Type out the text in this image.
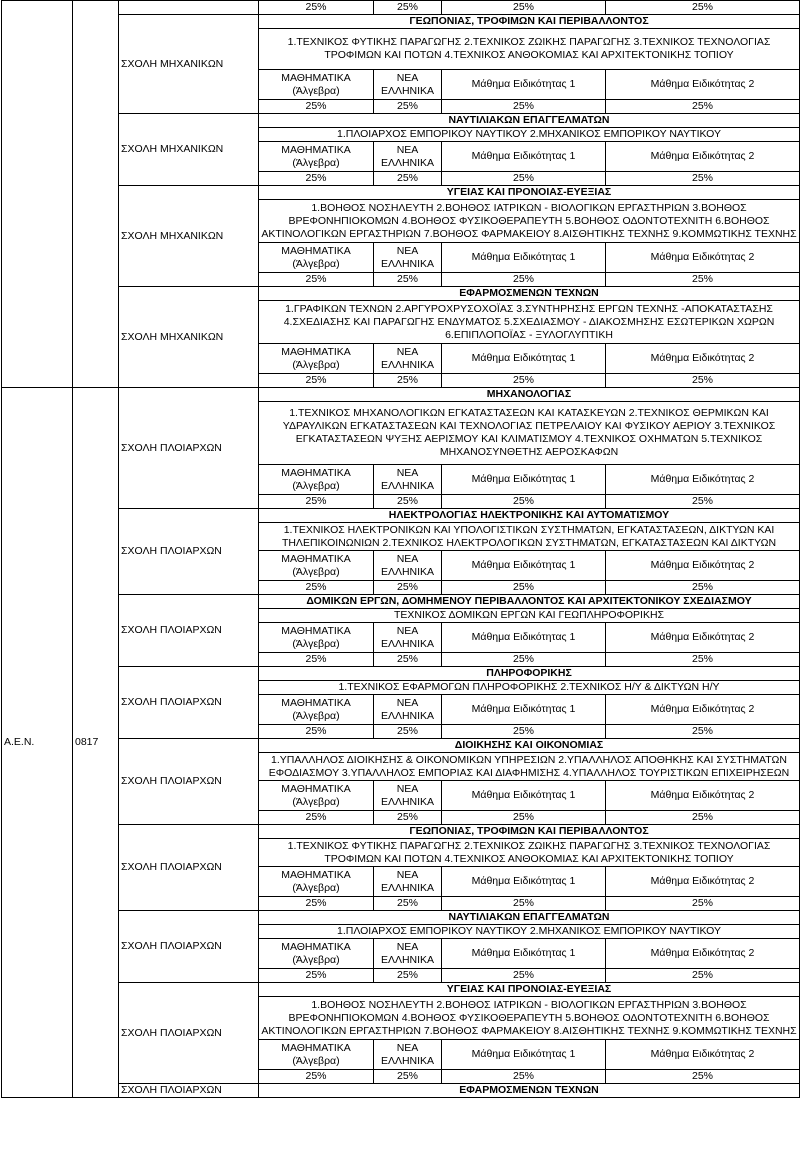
			25%	25%	25%	25%
		ΣΧΟΛΗ ΜΗΧΑΝΙΚΩΝ	ΓΕΩΠΟΝΙΑΣ, ΤΡΟΦΙΜΩΝ ΚΑΙ ΠΕΡΙΒΑΛΛΟΝΤΟΣ			
			1.ΤΕΧΝΙΚΟΣ ΦΥΤΙΚΗΣ ΠΑΡΑΓΩΓΗΣ 2.ΤΕΧΝΙΚΟΣ ΖΩΙΚΗΣ ΠΑΡΑΓΩΓΗΣ 3.ΤΕΧΝΙΚΟΣ ΤΕΧΝΟΛΟΓΙΑΣ ΤΡΟΦΙΜΩΝ ΚΑΙ ΠΟΤΩΝ 4.ΤΕΧΝΙΚΟΣ ΑΝΘΟΚΟΜΙΑΣ ΚΑΙ ΑΡΧΙΤΕΚΤΟΝΙΚΗΣ ΤΟΠΙΟΥ			
			ΜΑΘΗΜΑΤΙΚΑ (Άλγεβρα)	ΝΕΑ ΕΛΛΗΝΙΚΑ	Μάθημα Ειδικότητας 1	Μάθημα Ειδικότητας 2
			25%	25%	25%	25%
		ΣΧΟΛΗ ΜΗΧΑΝΙΚΩΝ	ΝΑΥΤΙΛΙΑΚΩΝ ΕΠΑΓΓΕΛΜΑΤΩΝ			
			1.ΠΛΟΙΑΡΧΟΣ ΕΜΠΟΡΙΚΟΥ ΝΑΥΤΙΚΟΥ 2.ΜΗΧΑΝΙΚΟΣ ΕΜΠΟΡΙΚΟΥ ΝΑΥΤΙΚΟΥ			
			ΜΑΘΗΜΑΤΙΚΑ (Άλγεβρα)	ΝΕΑ ΕΛΛΗΝΙΚΑ	Μάθημα Ειδικότητας 1	Μάθημα Ειδικότητας 2
			25%	25%	25%	25%
		ΣΧΟΛΗ ΜΗΧΑΝΙΚΩΝ	ΥΓΕΙΑΣ ΚΑΙ ΠΡΟΝΟΙΑΣ-ΕΥΕΞΙΑΣ			
			1.ΒΟΗΘΟΣ ΝΟΣΗΛΕΥΤΗ 2.ΒΟΗΘΟΣ ΙΑΤΡΙΚΩΝ - ΒΙΟΛΟΓΙΚΩΝ ΕΡΓΑΣΤΗΡΙΩΝ 3.ΒΟΗΘΟΣ ΒΡΕΦΟΝΗΠΙΟΚΟΜΩΝ 4.ΒΟΗΘΟΣ ΦΥΣΙΚΟΘΕΡΑΠΕΥΤΗ 5.ΒΟΗΘΟΣ ΟΔΟΝΤΟΤΕΧΝΙΤΗ 6.ΒΟΗΘΟΣ ΑΚΤΙΝΟΛΟΓΙΚΩΝ ΕΡΓΑΣΤΗΡΙΩΝ 7.ΒΟΗΘΟΣ ΦΑΡΜΑΚΕΙΟΥ 8.ΑΙΣΘΗΤΙΚΗΣ ΤΕΧΝΗΣ 9.ΚΟΜΜΩΤΙΚΗΣ ΤΕΧΝΗΣ			
			ΜΑΘΗΜΑΤΙΚΑ (Άλγεβρα)	ΝΕΑ ΕΛΛΗΝΙΚΑ	Μάθημα Ειδικότητας 1	Μάθημα Ειδικότητας 2
			25%	25%	25%	25%
		ΣΧΟΛΗ ΜΗΧΑΝΙΚΩΝ	ΕΦΑΡΜΟΣΜΕΝΩΝ ΤΕΧΝΩΝ			
			1.ΓΡΑΦΙΚΩΝ ΤΕΧΝΩΝ 2.ΑΡΓΥΡΟΧΡΥΣΟΧΟΪΑΣ 3.ΣΥΝΤΗΡΗΣΗΣ ΕΡΓΩΝ ΤΕΧΝΗΣ -ΑΠΟΚΑΤΑΣΤΑΣΗΣ 4.ΣΧΕΔΙΑΣΗΣ ΚΑΙ ΠΑΡΑΓΩΓΗΣ ΕΝΔΥΜΑΤΟΣ 5.ΣΧΕΔΙΑΣΜΟΥ - ΔΙΑΚΟΣΜΗΣΗΣ ΕΣΩΤΕΡΙΚΩΝ ΧΩΡΩΝ 6.ΕΠΙΠΛΟΠΟΪΑΣ - ΞΥΛΟΓΛΥΠΤΙΚΗ			
			ΜΑΘΗΜΑΤΙΚΑ (Άλγεβρα)	ΝΕΑ ΕΛΛΗΝΙΚΑ	Μάθημα Ειδικότητας 1	Μάθημα Ειδικότητας 2
			25%	25%	25%	25%
Α.Ε.Ν.	0817	ΣΧΟΛΗ ΠΛΟΙΑΡΧΩΝ	ΜΗΧΑΝΟΛΟΓΙΑΣ			
			1.ΤΕΧΝΙΚΟΣ ΜΗΧΑΝΟΛΟΓΙΚΩΝ ΕΓΚΑΤΑΣΤΑΣΕΩΝ ΚΑΙ ΚΑΤΑΣΚΕΥΩΝ 2.ΤΕΧΝΙΚΟΣ ΘΕΡΜΙΚΩΝ ΚΑΙ ΥΔΡΑΥΛΙΚΩΝ ΕΓΚΑΤΑΣΤΑΣΕΩΝ ΚΑΙ ΤΕΧΝΟΛΟΓΙΑΣ ΠΕΤΡΕΛΑΙΟΥ ΚΑΙ ΦΥΣΙΚΟΥ ΑΕΡΙΟΥ 3.ΤΕΧΝΙΚΟΣ ΕΓΚΑΤΑΣΤΑΣΕΩΝ ΨΥΞΗΣ ΑΕΡΙΣΜΟΥ ΚΑΙ ΚΛΙΜΑΤΙΣΜΟΥ 4.ΤΕΧΝΙΚΟΣ ΟΧΗΜΑΤΩΝ 5.ΤΕΧΝΙΚΟΣ ΜΗΧΑΝΟΣΥΝΘΕΤΗΣ ΑΕΡΟΣΚΑΦΩΝ			
			ΜΑΘΗΜΑΤΙΚΑ (Άλγεβρα)	ΝΕΑ ΕΛΛΗΝΙΚΑ	Μάθημα Ειδικότητας 1	Μάθημα Ειδικότητας 2
			25%	25%	25%	25%
		ΣΧΟΛΗ ΠΛΟΙΑΡΧΩΝ	ΗΛΕΚΤΡΟΛΟΓΙΑΣ ΗΛΕΚΤΡΟΝΙΚΗΣ ΚΑΙ ΑΥΤΟΜΑΤΙΣΜΟΥ			
			1.ΤΕΧΝΙΚΟΣ ΗΛΕΚΤΡΟΝΙΚΩΝ ΚΑΙ ΥΠΟΛΟΓΙΣΤΙΚΩΝ ΣΥΣΤΗΜΑΤΩΝ, ΕΓΚΑΤΑΣΤΑΣΕΩΝ, ΔΙΚΤΥΩΝ ΚΑΙ ΤΗΛΕΠΙΚΟΙΝΩΝΙΩΝ 2.ΤΕΧΝΙΚΟΣ ΗΛΕΚΤΡΟΛΟΓΙΚΩΝ ΣΥΣΤΗΜΑΤΩΝ, ΕΓΚΑΤΑΣΤΑΣΕΩΝ ΚΑΙ ΔΙΚΤΥΩΝ			
			ΜΑΘΗΜΑΤΙΚΑ (Άλγεβρα)	ΝΕΑ ΕΛΛΗΝΙΚΑ	Μάθημα Ειδικότητας 1	Μάθημα Ειδικότητας 2
			25%	25%	25%	25%
		ΣΧΟΛΗ ΠΛΟΙΑΡΧΩΝ	ΔΟΜΙΚΩΝ ΕΡΓΩΝ, ΔΟΜΗΜΕΝΟΥ ΠΕΡΙΒΑΛΛΟΝΤΟΣ ΚΑΙ ΑΡΧΙΤΕΚΤΟΝΙΚΟΥ ΣΧΕΔΙΑΣΜΟΥ			
			ΤΕΧΝΙΚΟΣ ΔΟΜΙΚΩΝ ΕΡΓΩΝ ΚΑΙ ΓΕΩΠΛΗΡΟΦΟΡΙΚΗΣ			
			ΜΑΘΗΜΑΤΙΚΑ (Άλγεβρα)	ΝΕΑ ΕΛΛΗΝΙΚΑ	Μάθημα Ειδικότητας 1	Μάθημα Ειδικότητας 2
			25%	25%	25%	25%
		ΣΧΟΛΗ ΠΛΟΙΑΡΧΩΝ	ΠΛΗΡΟΦΟΡΙΚΗΣ			
			1.ΤΕΧΝΙΚΟΣ ΕΦΑΡΜΟΓΩΝ ΠΛΗΡΟΦΟΡΙΚΗΣ 2.ΤΕΧΝΙΚΟΣ Η/Υ & ΔΙΚΤΥΩΝ Η/Υ			
			ΜΑΘΗΜΑΤΙΚΑ (Άλγεβρα)	ΝΕΑ ΕΛΛΗΝΙΚΑ	Μάθημα Ειδικότητας 1	Μάθημα Ειδικότητας 2
			25%	25%	25%	25%
		ΣΧΟΛΗ ΠΛΟΙΑΡΧΩΝ	ΔΙΟΙΚΗΣΗΣ ΚΑΙ ΟΙΚΟΝΟΜΙΑΣ			
			1.ΥΠΑΛΛΗΛΟΣ ΔΙΟΙΚΗΣΗΣ & ΟΙΚΟΝΟΜΙΚΩΝ ΥΠΗΡΕΣΙΩΝ 2.ΥΠΑΛΛΗΛΟΣ ΑΠΟΘΗΚΗΣ ΚΑΙ ΣΥΣΤΗΜΑΤΩΝ ΕΦΟΔΙΑΣΜΟΥ 3.ΥΠΑΛΛΗΛΟΣ ΕΜΠΟΡΙΑΣ ΚΑΙ ΔΙΑΦΗΜΙΣΗΣ 4.ΥΠΑΛΛΗΛΟΣ ΤΟΥΡΙΣΤΙΚΩΝ ΕΠΙΧΕΙΡΗΣΕΩΝ			
			ΜΑΘΗΜΑΤΙΚΑ (Άλγεβρα)	ΝΕΑ ΕΛΛΗΝΙΚΑ	Μάθημα Ειδικότητας 1	Μάθημα Ειδικότητας 2
			25%	25%	25%	25%
		ΣΧΟΛΗ ΠΛΟΙΑΡΧΩΝ	ΓΕΩΠΟΝΙΑΣ, ΤΡΟΦΙΜΩΝ ΚΑΙ ΠΕΡΙΒΑΛΛΟΝΤΟΣ			
			1.ΤΕΧΝΙΚΟΣ ΦΥΤΙΚΗΣ ΠΑΡΑΓΩΓΗΣ 2.ΤΕΧΝΙΚΟΣ ΖΩΙΚΗΣ ΠΑΡΑΓΩΓΗΣ 3.ΤΕΧΝΙΚΟΣ ΤΕΧΝΟΛΟΓΙΑΣ ΤΡΟΦΙΜΩΝ ΚΑΙ ΠΟΤΩΝ 4.ΤΕΧΝΙΚΟΣ ΑΝΘΟΚΟΜΙΑΣ ΚΑΙ ΑΡΧΙΤΕΚΤΟΝΙΚΗΣ ΤΟΠΙΟΥ			
			ΜΑΘΗΜΑΤΙΚΑ (Άλγεβρα)	ΝΕΑ ΕΛΛΗΝΙΚΑ	Μάθημα Ειδικότητας 1	Μάθημα Ειδικότητας 2
			25%	25%	25%	25%
		ΣΧΟΛΗ ΠΛΟΙΑΡΧΩΝ	ΝΑΥΤΙΛΙΑΚΩΝ ΕΠΑΓΓΕΛΜΑΤΩΝ			
			1.ΠΛΟΙΑΡΧΟΣ ΕΜΠΟΡΙΚΟΥ ΝΑΥΤΙΚΟΥ 2.ΜΗΧΑΝΙΚΟΣ ΕΜΠΟΡΙΚΟΥ ΝΑΥΤΙΚΟΥ			
			ΜΑΘΗΜΑΤΙΚΑ (Άλγεβρα)	ΝΕΑ ΕΛΛΗΝΙΚΑ	Μάθημα Ειδικότητας 1	Μάθημα Ειδικότητας 2
			25%	25%	25%	25%
		ΣΧΟΛΗ ΠΛΟΙΑΡΧΩΝ	ΥΓΕΙΑΣ ΚΑΙ ΠΡΟΝΟΙΑΣ-ΕΥΕΞΙΑΣ			
			1.ΒΟΗΘΟΣ ΝΟΣΗΛΕΥΤΗ 2.ΒΟΗΘΟΣ ΙΑΤΡΙΚΩΝ - ΒΙΟΛΟΓΙΚΩΝ ΕΡΓΑΣΤΗΡΙΩΝ 3.ΒΟΗΘΟΣ ΒΡΕΦΟΝΗΠΙΟΚΟΜΩΝ 4.ΒΟΗΘΟΣ ΦΥΣΙΚΟΘΕΡΑΠΕΥΤΗ 5.ΒΟΗΘΟΣ ΟΔΟΝΤΟΤΕΧΝΙΤΗ 6.ΒΟΗΘΟΣ ΑΚΤΙΝΟΛΟΓΙΚΩΝ ΕΡΓΑΣΤΗΡΙΩΝ 7.ΒΟΗΘΟΣ ΦΑΡΜΑΚΕΙΟΥ 8.ΑΙΣΘΗΤΙΚΗΣ ΤΕΧΝΗΣ 9.ΚΟΜΜΩΤΙΚΗΣ ΤΕΧΝΗΣ			
			ΜΑΘΗΜΑΤΙΚΑ (Άλγεβρα)	ΝΕΑ ΕΛΛΗΝΙΚΑ	Μάθημα Ειδικότητας 1	Μάθημα Ειδικότητας 2
			25%	25%	25%	25%
		ΣΧΟΛΗ ΠΛΟΙΑΡΧΩΝ	ΕΦΑΡΜΟΣΜΕΝΩΝ ΤΕΧΝΩΝ			
